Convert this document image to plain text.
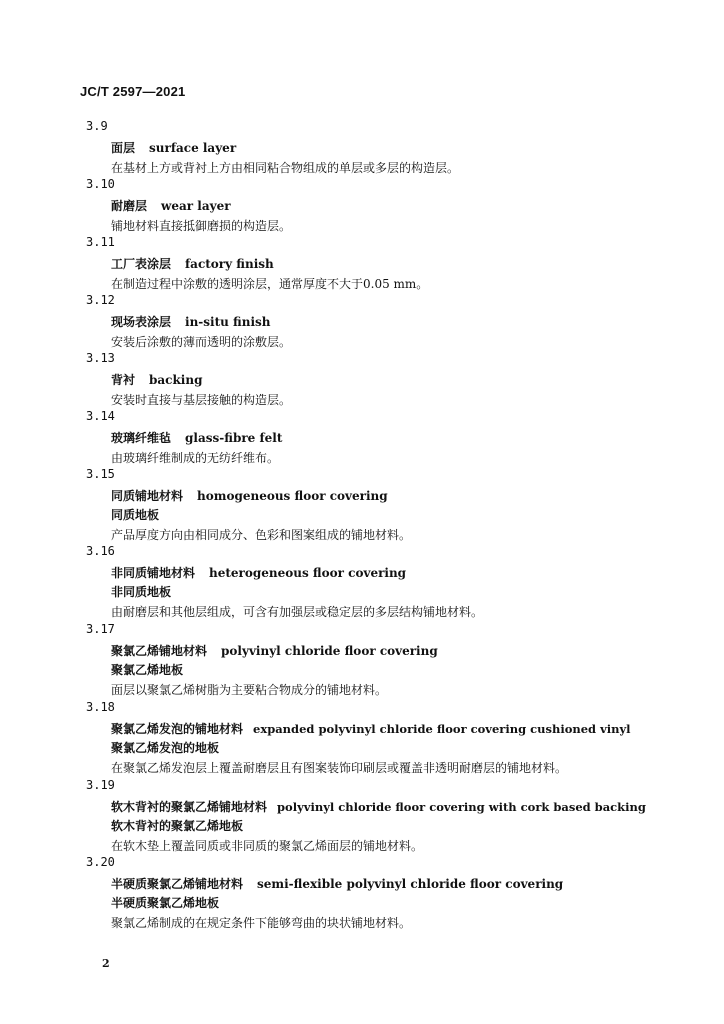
JC/T 2597—2021
3.9
面层 surface layer
在基材上方或背衬上方由相同粘合物组成的单层或多层的构造层。
3.10
耐磨层 wear layer
铺地材料直接抵御磨损的构造层。
3.11
工厂表涂层 factory finish
在制造过程中涂敷的透明涂层，通常厚度不大于0.05 mm。
3.12
现场表涂层 in-situ finish
安装后涂敷的薄而透明的涂敷层。
3.13
背衬 backing
安装时直接与基层接触的构造层。
3.14
玻璃纤维毡 glass-fibre felt
由玻璃纤维制成的无纺纤维布。
3.15
同质铺地材料 homogeneous floor covering
同质地板
产品厚度方向由相同成分、色彩和图案组成的铺地材料。
3.16
非同质铺地材料 heterogeneous floor covering
非同质地板
由耐磨层和其他层组成，可含有加强层或稳定层的多层结构铺地材料。
3.17
聚氯乙烯铺地材料 polyvinyl chloride floor covering
聚氯乙烯地板
面层以聚氯乙烯树脂为主要粘合物成分的铺地材料。
3.18
聚氯乙烯发泡的铺地材料 expanded polyvinyl chloride floor covering cushioned vinyl
聚氯乙烯发泡的地板
在聚氯乙烯发泡层上覆盖耐磨层且有图案装饰印刷层或覆盖非透明耐磨层的铺地材料。
3.19
软木背衬的聚氯乙烯铺地材料 polyvinyl chloride floor covering with cork based backing
软木背衬的聚氯乙烯地板
在软木垫上覆盖同质或非同质的聚氯乙烯面层的铺地材料。
3.20
半硬质聚氯乙烯铺地材料 semi-flexible polyvinyl chloride floor covering
半硬质聚氯乙烯地板
聚氯乙烯制成的在规定条件下能够弯曲的块状铺地材料。
2
